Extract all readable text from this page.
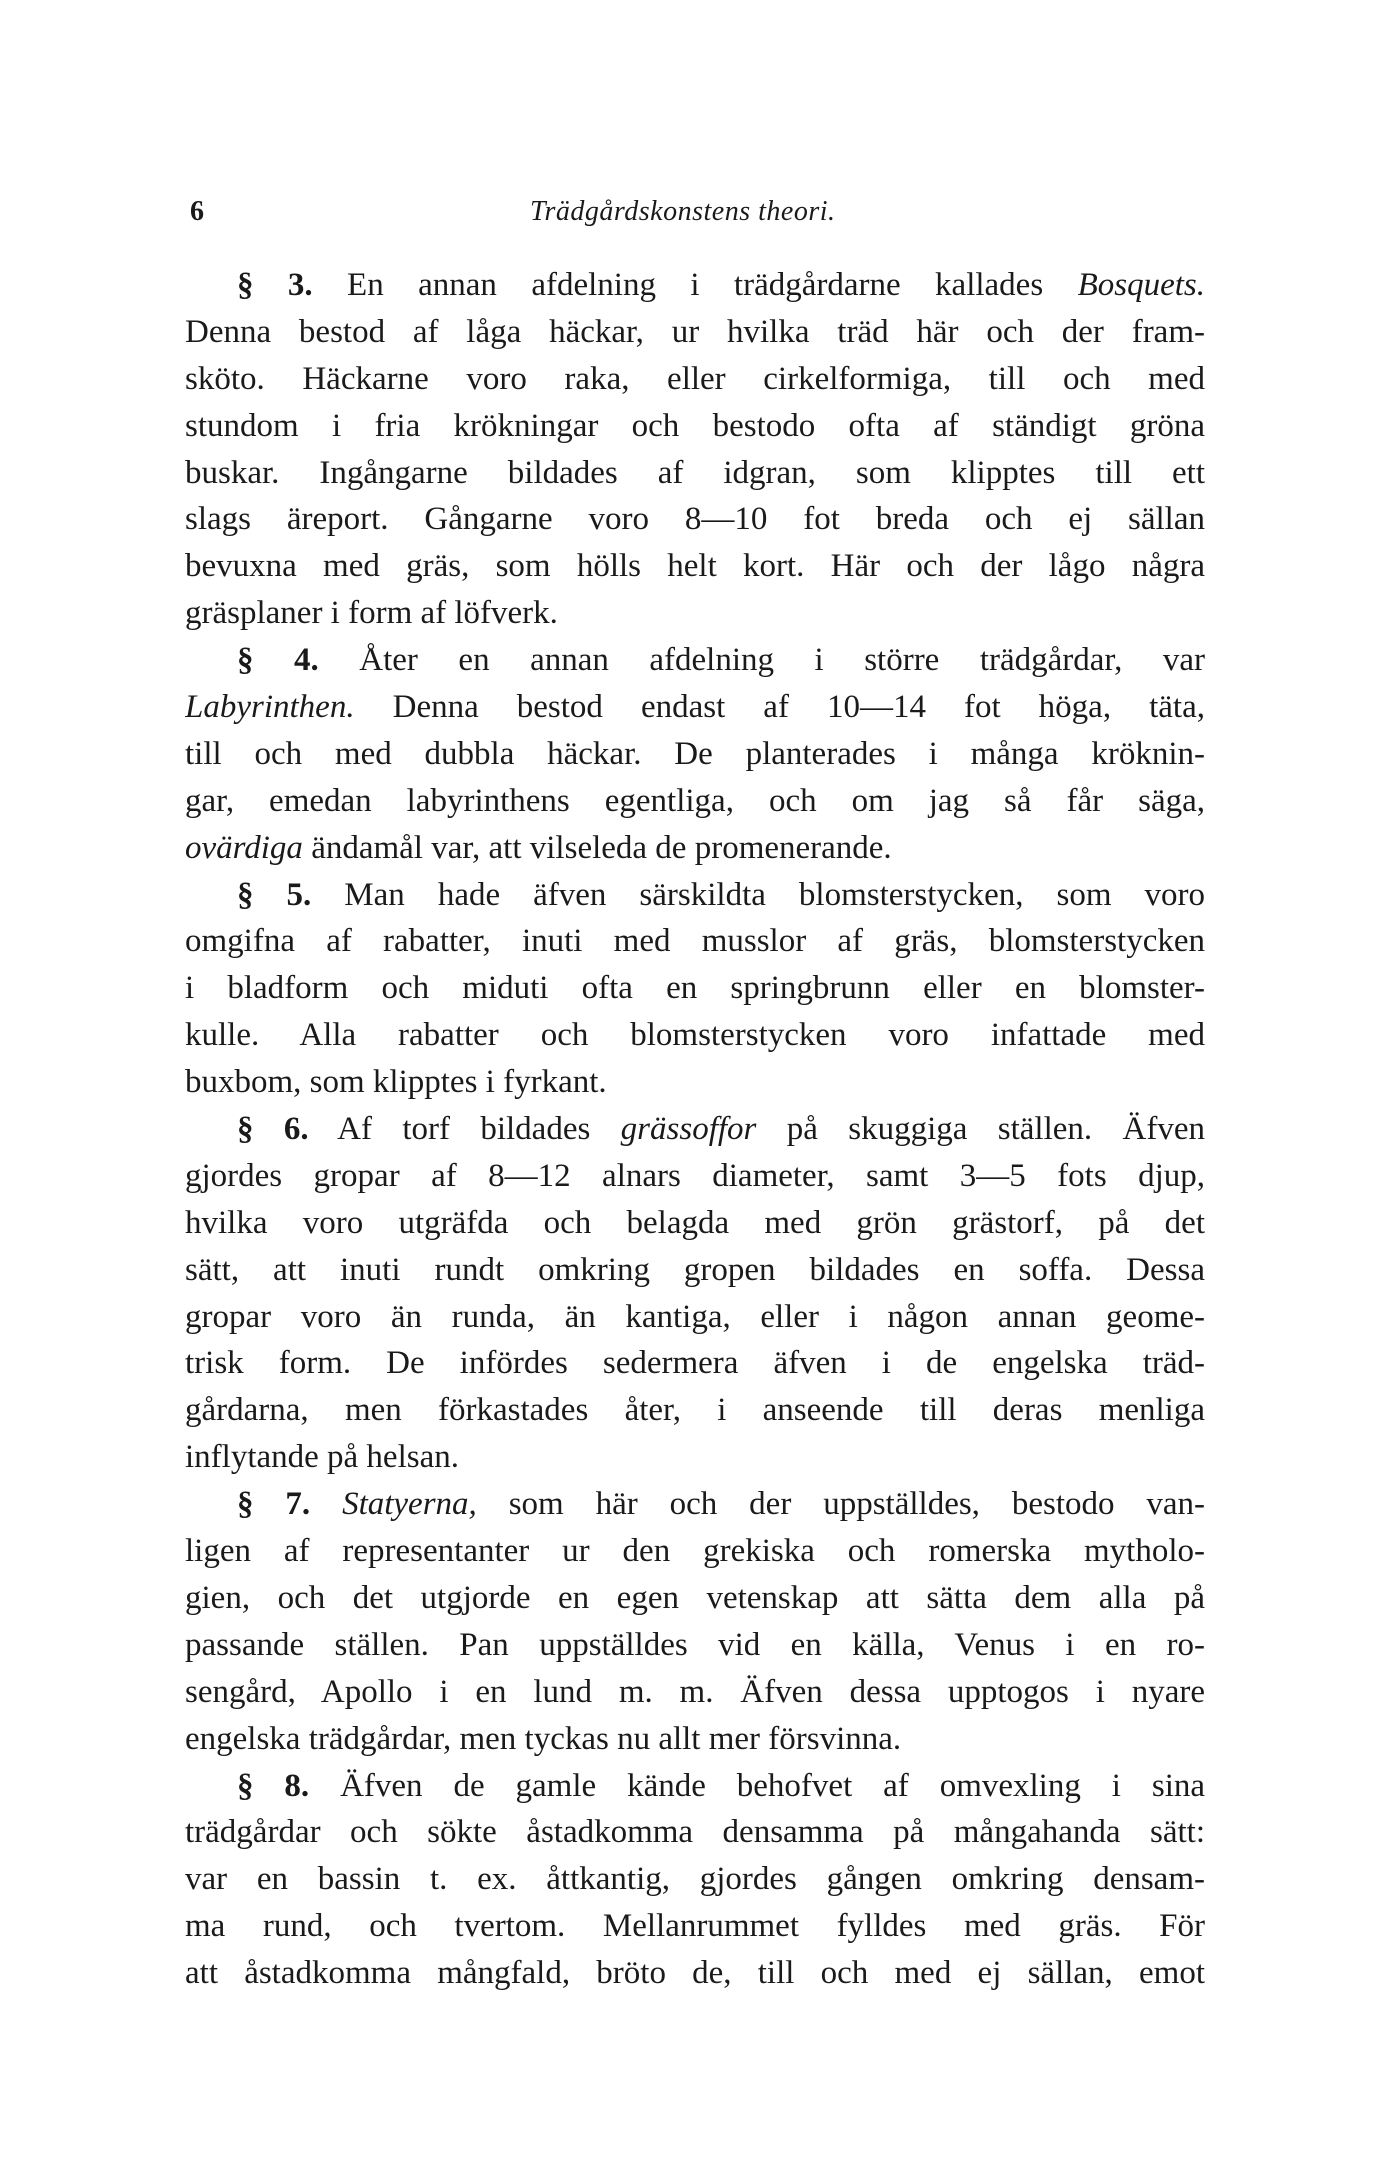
6	Trädgårdskonstens theori.
§ 3. En annan afdelning i trädgårdarne kallades Bosquets.
Denna bestod af låga häckar, ur hvilka träd här och der fram-
sköto. Häckarne voro raka, eller cirkelformiga, till och med
stundom i fria krökningar och bestodo ofta af ständigt gröna
buskar. Ingångarne bildades af idgran, som klipptes till ett
slags äreport. Gångarne voro 8—10 fot breda och ej sällan
bevuxna med gräs, som hölls helt kort. Här och der lågo några
gräsplaner i form af löfverk.
§ 4. Åter en annan afdelning i större trädgårdar, var
Labyrinthen. Denna bestod endast af 10—14 fot höga, täta,
till och med dubbla häckar. De planterades i många kröknin-
gar, emedan labyrinthens egentliga, och om jag så får säga,
ovärdiga ändamål var, att vilseleda de promenerande.
§ 5. Man hade äfven särskildta blomsterstycken, som voro
omgifna af rabatter, inuti med musslor af gräs, blomsterstycken
i bladform och miduti ofta en springbrunn eller en blomster-
kulle. Alla rabatter och blomsterstycken voro infattade med
buxbom, som klipptes i fyrkant.
§ 6. Af torf bildades grässoffor på skuggiga ställen. Äfven
gjordes gropar af 8—12 alnars diameter, samt 3—5 fots djup,
hvilka voro utgräfda och belagda med grön grästorf, på det
sätt, att inuti rundt omkring gropen bildades en soffa. Dessa
gropar voro än runda, än kantiga, eller i någon annan geome-
trisk form. De infördes sedermera äfven i de engelska träd-
gårdarna, men förkastades åter, i anseende till deras menliga
inflytande på helsan.
§ 7. Statyerna, som här och der uppställdes, bestodo van-
ligen af representanter ur den grekiska och romerska mytholo-
gien, och det utgjorde en egen vetenskap att sätta dem alla på
passande ställen. Pan uppställdes vid en källa, Venus i en ro-
sengård, Apollo i en lund m. m. Äfven dessa upptogos i nyare
engelska trädgårdar, men tyckas nu allt mer försvinna.
§ 8. Äfven de gamle kände behofvet af omvexling i sina
trädgårdar och sökte åstadkomma densamma på mångahanda sätt:
var en bassin t. ex. åttkantig, gjordes gången omkring densam-
ma rund, och tvertom. Mellanrummet fylldes med gräs. För
att åstadkomma mångfald, bröto de, till och med ej sällan, emot
